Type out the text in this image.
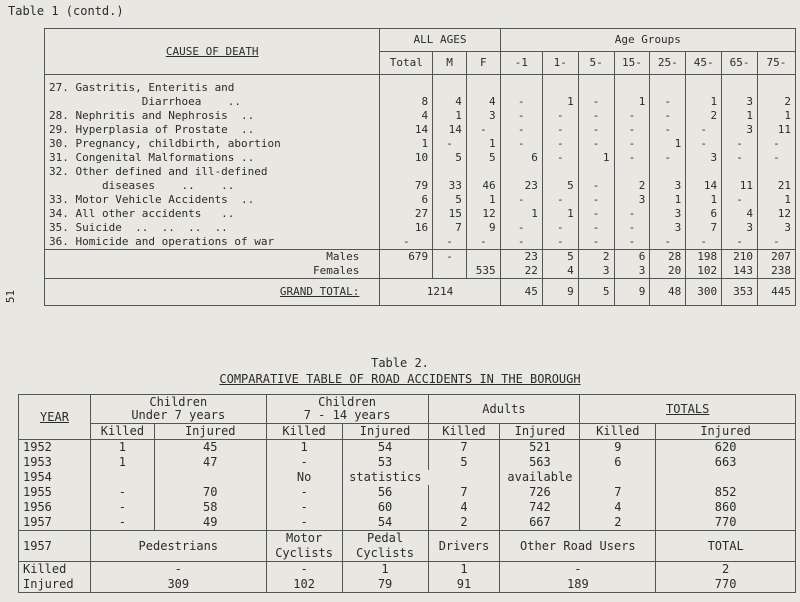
Table 1 (contd.)
51
CAUSE OF DEATH	ALL AGES			Age Groups							
	Total	M	F	-1	1-	5-	15-	25-	45-	65-	75-

27. Gastritis, Enteritis and											
Diarrhoea    ..	8	4	4	-	1	-	1	-	1	3	2
28. Nephritis and Nephrosis  ..	4	1	3	-	-	-	-	-	2	1	1
29. Hyperplasia of Prostate  ..	14	14	-	-	-	-	-	-	-	3	11
30. Pregnancy, childbirth, abortion	1	-	1	-	-	-	-	1	-	-	-
31. Congenital Malformations ..	10	5	5	6	-	1	-	-	3	-	-
32. Other defined and ill-defined											
diseases    ..    ..	79	33	46	23	5	-	2	3	14	11	21
33. Motor Vehicle Accidents  ..	6	5	1	-	-	-	3	1	1	-	1
34. All other accidents   ..	27	15	12	1	1	-	-	3	6	4	12
35. Suicide  ..  ..  ..  ..	16	7	9	-	-	-	-	3	7	3	3
36. Homicide and operations of war	-	-	-	-	-	-	-	-	-	-	-
Males	679	-		23	5	2	6	28	198	210	207
Females			535	22	4	3	3	20	102	143	238
GRAND TOTAL:	1214			45	9	5	9	48	300	353	445
Table 2.
COMPARATIVE TABLE OF ROAD ACCIDENTS IN THE BOROUGH
YEAR	Children
Under 7 years		Children
7 - 14 years		Adults		TOTALS	
	Killed	Injured	Killed	Injured	Killed	Injured	Killed	Injured
1952	1	45	1	54	7	521	9	620
1953	1	47	-	53	5	563	6	663
1954			No	statistics		available		
1955	-	70	-	56	7	726	7	852
1956	-	58	-	60	4	742	4	860
1957	-	49	-	54	2	667	2	770
1957	Pedestrians		Motor Cyclists	Pedal Cyclists	Drivers	Other Road Users		TOTAL
Killed	-		-	1	1	-		2
Injured	309		102	79	91	189		770
